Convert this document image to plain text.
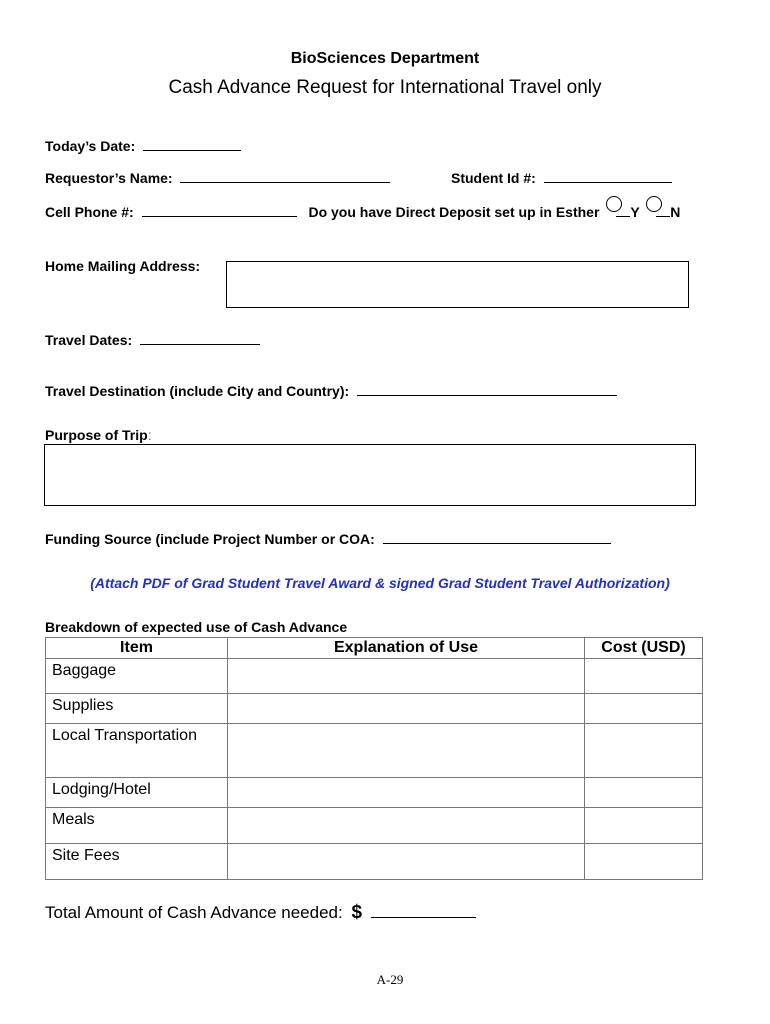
BioSciences Department
Cash Advance Request for International Travel only
Today’s Date:
Requestor’s Name:	Student Id #:
Cell Phone #:	Do you have Direct Deposit set up in Esther Y N
Home Mailing Address:
Travel Dates:
Travel Destination (include City and Country):
Purpose of Trip:
Funding Source (include Project Number or COA:
(Attach PDF of Grad Student Travel Award & signed Grad Student Travel Authorization)
Breakdown of expected use of Cash Advance
Item	Explanation of Use	Cost (USD)
Baggage		
Supplies		
Local Transportation		
Lodging/Hotel		
Meals		
Site Fees		
Total Amount of Cash Advance needed: $
A-29
